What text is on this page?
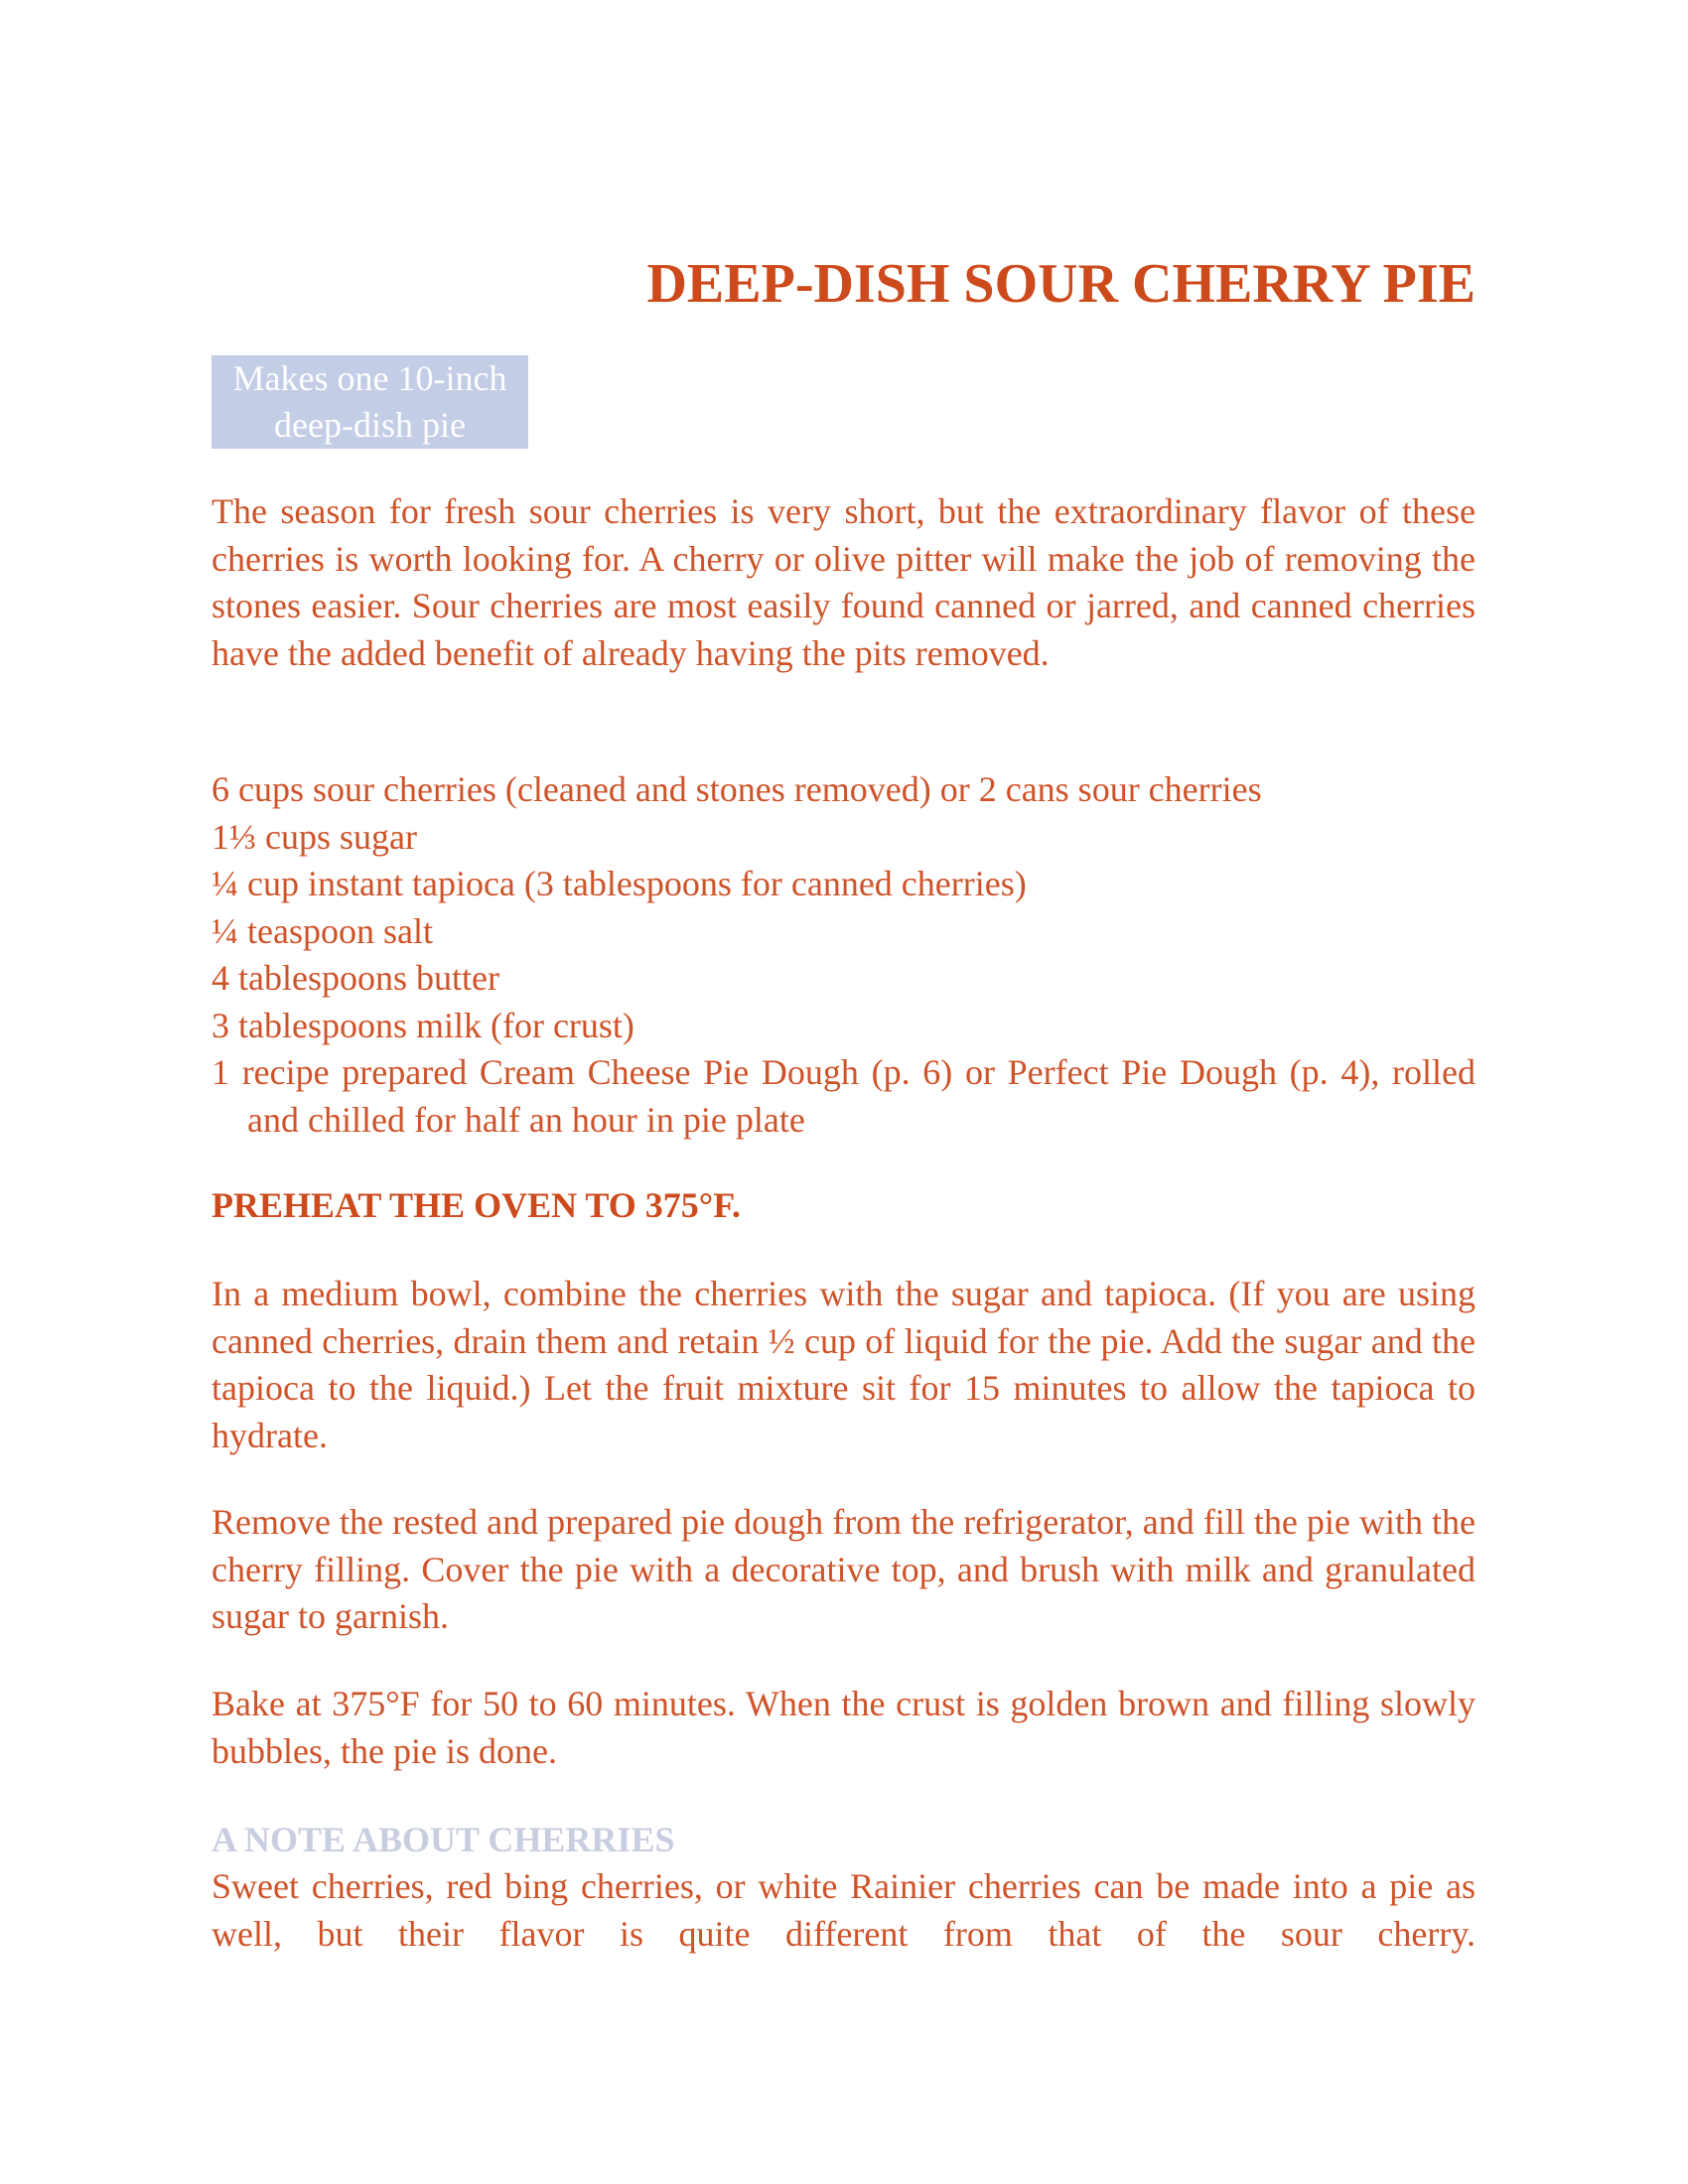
DEEP-DISH SOUR CHERRY PIE
Makes one 10-inch
deep-dish pie

The season for fresh sour cherries is very short, but the extraordinary flavor of these cherries is worth looking for. A cherry or olive pitter will make the job of removing the stones easier. Sour cherries are most easily found canned or jarred, and canned cherries have the added benefit of already having the pits removed.

6 cups sour cherries (cleaned and stones removed) or 2 cans sour cherries
1⅓ cups sugar
¼ cup instant tapioca (3 tablespoons for canned cherries)
¼ teaspoon salt
4 tablespoons butter
3 tablespoons milk (for crust)
1 recipe prepared Cream Cheese Pie Dough (p. 6) or Perfect Pie Dough (p. 4), rolled and chilled for half an hour in pie plate

PREHEAT THE OVEN TO 375°F.

In a medium bowl, combine the cherries with the sugar and tapioca. (If you are using canned cherries, drain them and retain ½ cup of liquid for the pie. Add the sugar and the tapioca to the liquid.) Let the fruit mixture sit for 15 minutes to allow the tapioca to hydrate.

Remove the rested and prepared pie dough from the refrigerator, and fill the pie with the cherry filling. Cover the pie with a decorative top, and brush with milk and granulated sugar to garnish.

Bake at 375°F for 50 to 60 minutes. When the crust is golden brown and filling slowly bubbles, the pie is done.

A NOTE ABOUT CHERRIES

Sweet cherries, red bing cherries, or white Rainier cherries can be made into a pie as well, but their flavor is quite different from that of the sour cherry.
